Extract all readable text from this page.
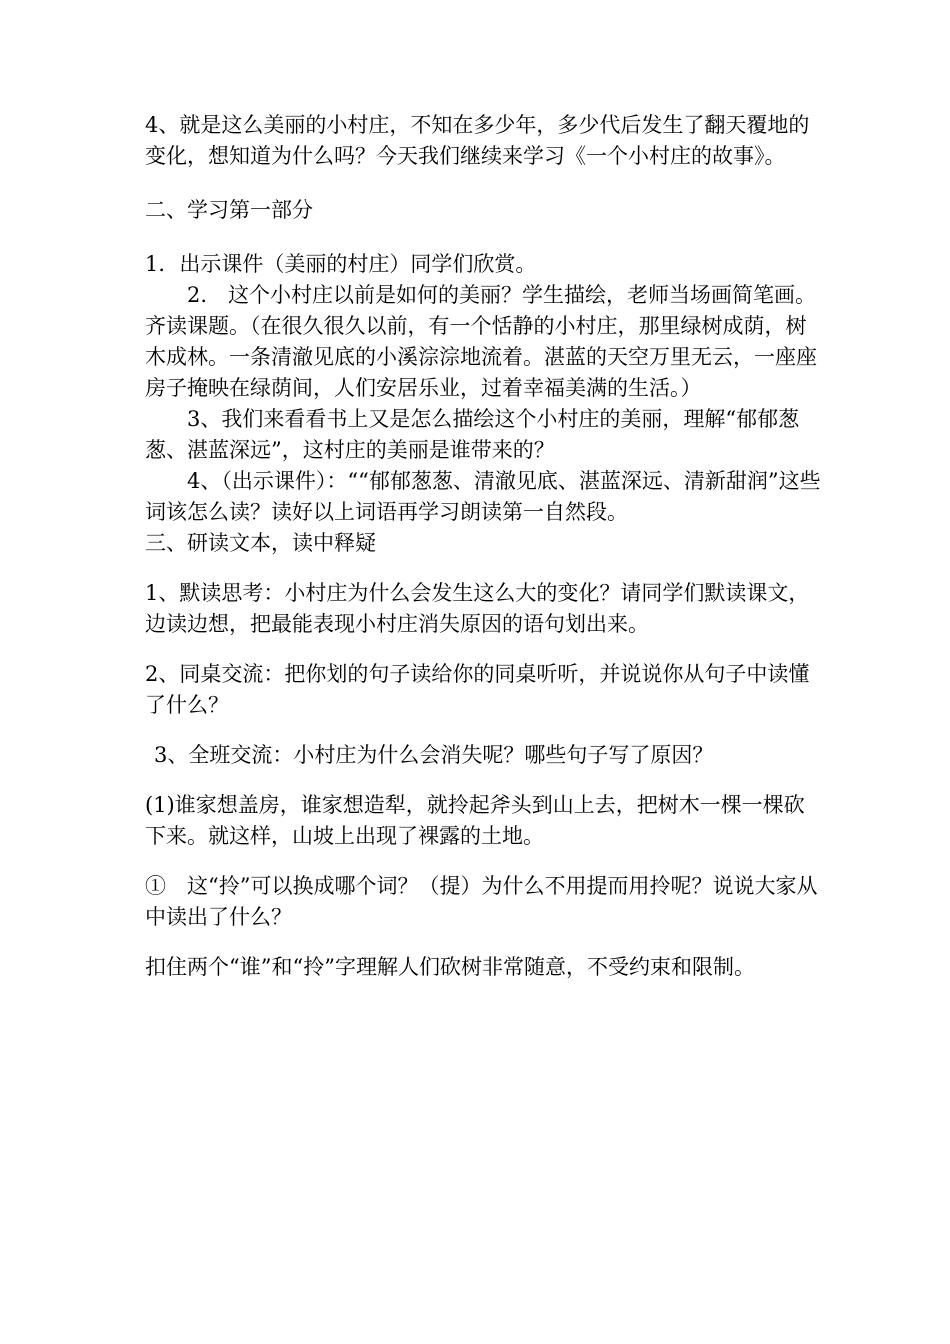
4、就是这么美丽的小村庄，不知在多少年，多少代后发生了翻天覆地的变化，想知道为什么吗？今天我们继续来学习《一个小村庄的故事》。

二、学习第一部分

1．出示课件（美丽的村庄）同学们欣赏。

2.　这个小村庄以前是如何的美丽？学生描绘，老师当场画简笔画。齐读课题。（在很久很久以前，有一个恬静的小村庄，那里绿树成荫，树木成林。一条清澈见底的小溪淙淙地流着。湛蓝的天空万里无云，一座座房子掩映在绿荫间，人们安居乐业，过着幸福美满的生活。）

3、我们来看看书上又是怎么描绘这个小村庄的美丽，理解“郁郁葱葱、湛蓝深远”，这村庄的美丽是谁带来的？

4、（出示课件）：““郁郁葱葱、清澈见底、湛蓝深远、清新甜润”这些词该怎么读？读好以上词语再学习朗读第一自然段。

三、研读文本，读中释疑

1、默读思考：小村庄为什么会发生这么大的变化？请同学们默读课文，边读边想，把最能表现小村庄消失原因的语句划出来。

2、同桌交流：把你划的句子读给你的同桌听听，并说说你从句子中读懂了什么？

3、全班交流：小村庄为什么会消失呢？哪些句子写了原因？

(1)谁家想盖房，谁家想造犁，就拎起斧头到山上去，把树木一棵一棵砍下来。就这样，山坡上出现了裸露的土地。

①　这“拎”可以换成哪个词？（提）为什么不用提而用拎呢？说说大家从中读出了什么？

扣住两个“谁”和“拎”字理解人们砍树非常随意，不受约束和限制。
